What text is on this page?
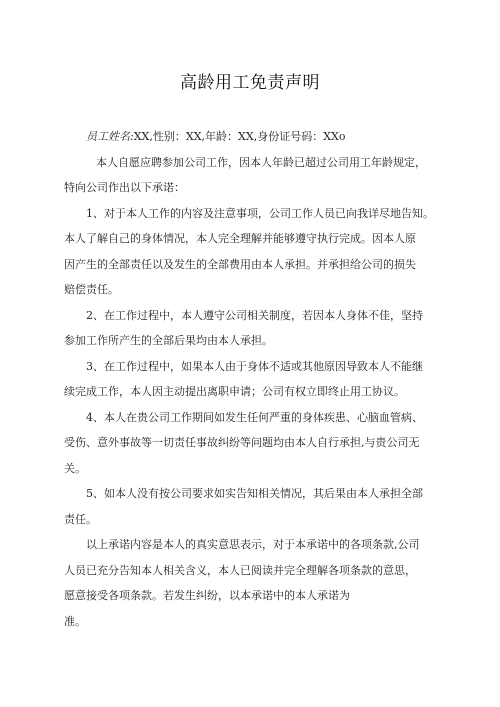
高龄用工免责声明

员工姓名:XX,性别：XX,年龄：XX,身份证号码：XXo

本人自愿应聘参加公司工作，因本人年龄已超过公司用工年龄规定，
特向公司作出以下承诺：

1、对于本人工作的内容及注意事项，公司工作人员已向我详尽地告知。
本人了解自己的身体情况，本人完全理解并能够遵守执行完成。因本人原
因产生的全部责任以及发生的全部费用由本人承担。并承担给公司的损失
赔偿责任。

2、在工作过程中，本人遵守公司相关制度，若因本人身体不佳，坚持
参加工作所产生的全部后果均由本人承担。

3、在工作过程中，如果本人由于身体不适或其他原因导致本人不能继
续完成工作，本人因主动提出离职申请；公司有权立即终止用工协议。

4、本人在贵公司工作期间如发生任何严重的身体疾患、心脑血管病、
受伤、意外事故等一切责任事故纠纷等问题均由本人自行承担,与贵公司无
关。

5、如本人没有按公司要求如实告知相关情况，其后果由本人承担全部
责任。

以上承诺内容是本人的真实意思表示，对于本承诺中的各项条款,公司
人员已充分告知本人相关含义，本人已阅读并完全理解各项条款的意思，
愿意接受各项条款。若发生纠纷，以本承诺中的本人承诺为
准。
